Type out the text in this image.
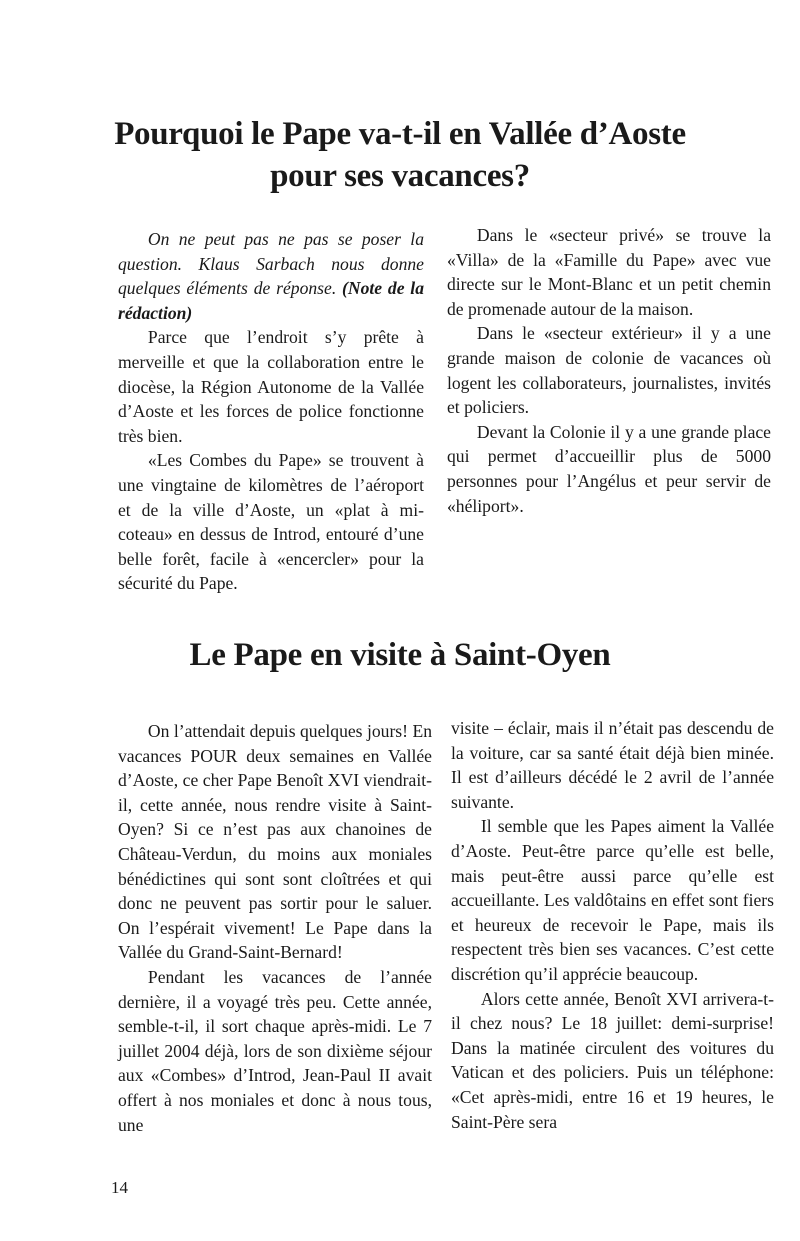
Pourquoi le Pape va-t-il en Vallée d’Aoste
pour ses vacances?

On ne peut pas ne pas se poser la question. Klaus Sarbach nous donne quelques éléments de réponse. (Note de la rédaction)

Parce que l’endroit s’y prête à merveille et que la collaboration entre le diocèse, la Région Autonome de la Vallée d’Aoste et les forces de police fonctionne très bien.

«Les Combes du Pape» se trouvent à une vingtaine de kilomètres de l’aéroport et de la ville d’Aoste, un «plat à mi-coteau» en dessus de Introd, entouré d’une belle forêt, facile à «encercler» pour la sécurité du Pape.

Dans le «secteur privé» se trouve la «Villa» de la «Famille du Pape» avec vue directe sur le Mont-Blanc et un petit chemin de promenade autour de la maison.

Dans le «secteur extérieur» il y a une grande maison de colonie de vacances où logent les collaborateurs, journalistes, invités et policiers.

Devant la Colonie il y a une grande place qui permet d’accueillir plus de 5000 personnes pour l’Angélus et peur servir de «héliport».

Le Pape en visite à Saint-Oyen

On l’attendait depuis quelques jours! En vacances POUR deux semaines en Vallée d’Aoste, ce cher Pape Benoît XVI viendrait-il, cette année, nous rendre visite à Saint-Oyen? Si ce n’est pas aux chanoines de Château-Verdun, du moins aux moniales bénédictines qui sont sont cloîtrées et qui donc ne peuvent pas sortir pour le saluer. On l’espérait vivement! Le Pape dans la Vallée du Grand-Saint-Bernard!

Pendant les vacances de l’année dernière, il a voyagé très peu. Cette année, semble-t-il, il sort chaque après-midi. Le 7 juillet 2004 déjà, lors de son dixième séjour aux «Combes» d’Introd, Jean-Paul II avait offert à nos moniales et donc à nous tous, une

visite – éclair, mais il n’était pas descendu de la voiture, car sa santé était déjà bien minée. Il est d’ailleurs décédé le 2 avril de l’année suivante.

Il semble que les Papes aiment la Vallée d’Aoste. Peut-être parce qu’elle est belle, mais peut-être aussi parce qu’elle est accueillante. Les valdôtains en effet sont fiers et heureux de recevoir le Pape, mais ils respectent très bien ses vacances. C’est cette discrétion qu’il apprécie beaucoup.

Alors cette année, Benoît XVI arrivera-t-il chez nous? Le 18 juillet: demi-surprise! Dans la matinée circulent des voitures du Vatican et des policiers. Puis un téléphone: «Cet après-midi, entre 16 et 19 heures, le Saint-Père sera

14
